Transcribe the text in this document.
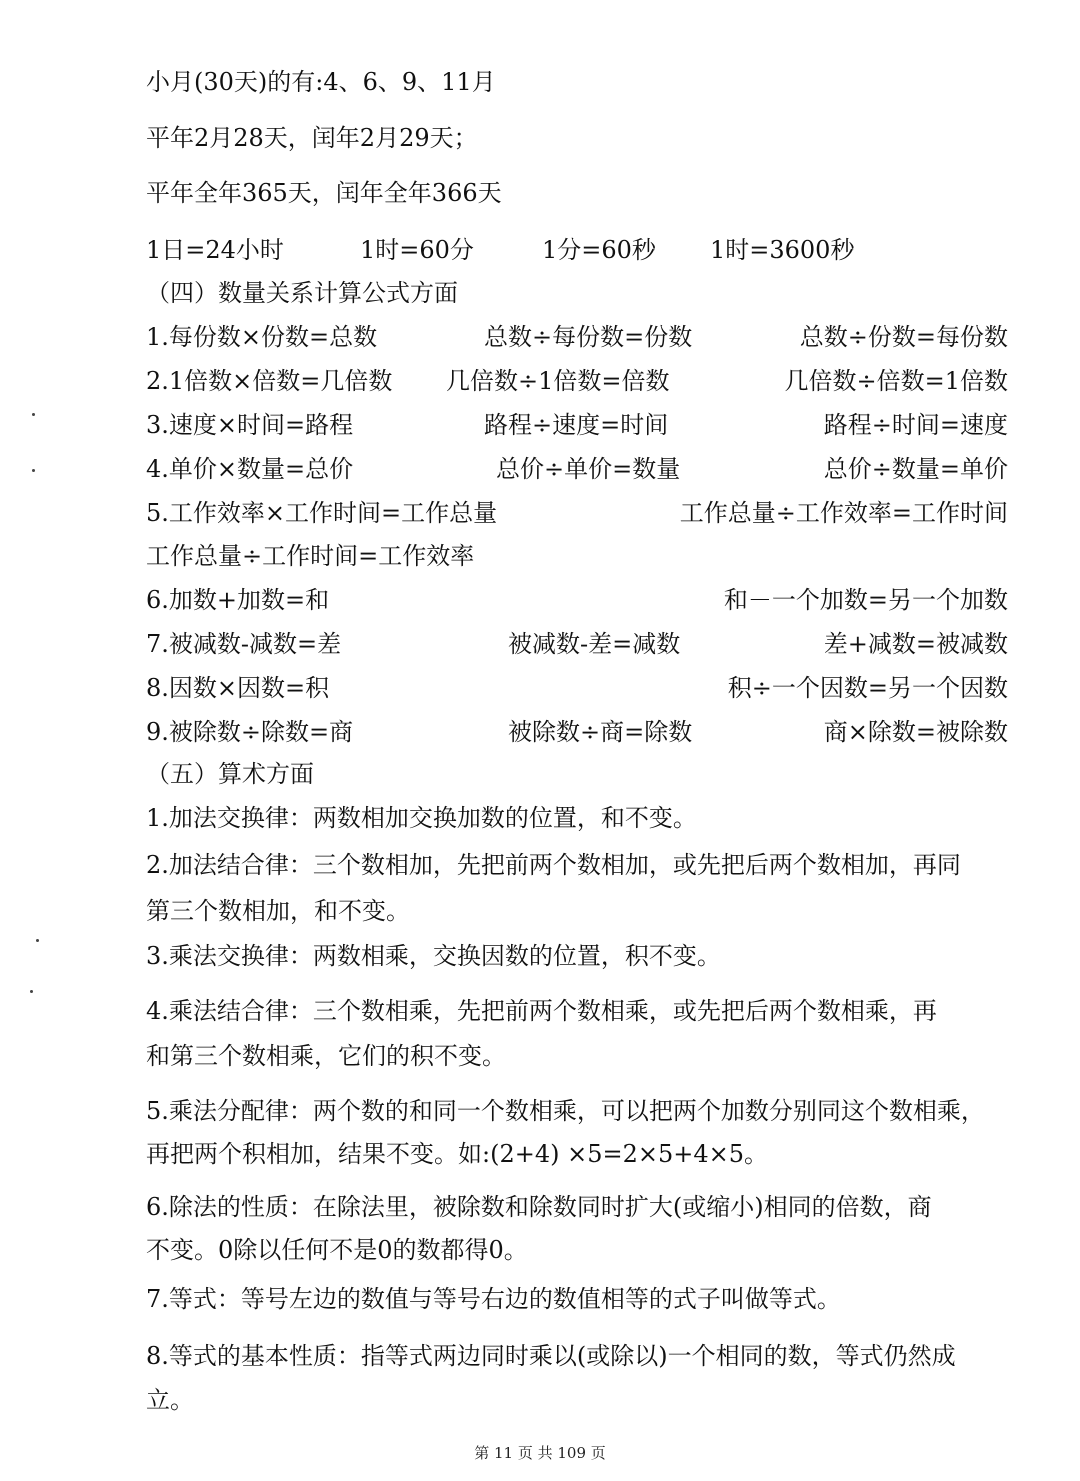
小月(30天)的有:4、6、9、11月
平年2月28天，闰年2月29天；
平年全年365天，闰年全年366天
1日=24小时	1时=60分	1分=60秒 1时=3600秒
（四）数量关系计算公式方面
1.每份数×份数=总数	总数÷每份数=份数	总数÷份数=每份数
2.1倍数×倍数=几倍数 几倍数÷1倍数=倍数	几倍数÷倍数=1倍数
3.速度×时间=路程	路程÷速度=时间	路程÷时间=速度
4.单价×数量=总价	总价÷单价=数量	总价÷数量=单价
5.工作效率×工作时间=工作总量	工作总量÷工作效率=工作时间
工作总量÷工作时间=工作效率
6.加数+加数=和	和－一个加数=另一个加数
7.被减数-减数=差	被减数-差=减数	差+减数=被减数
8.因数×因数=积	积÷一个因数=另一个因数
9.被除数÷除数=商	被除数÷商=除数	商×除数=被除数
（五）算术方面
1.加法交换律：两数相加交换加数的位置，和不变。
2.加法结合律：三个数相加，先把前两个数相加，或先把后两个数相加，再同
第三个数相加，和不变。
3.乘法交换律：两数相乘，交换因数的位置，积不变。
4.乘法结合律：三个数相乘，先把前两个数相乘，或先把后两个数相乘，再
和第三个数相乘，它们的积不变。
5.乘法分配律：两个数的和同一个数相乘，可以把两个加数分别同这个数相乘，
再把两个积相加，结果不变。如:(2+4) ×5=2×5+4×5。
6.除法的性质：在除法里，被除数和除数同时扩大(或缩小)相同的倍数，商
不变。0除以任何不是0的数都得0。
7.等式：等号左边的数值与等号右边的数值相等的式子叫做等式。
8.等式的基本性质：指等式两边同时乘以(或除以)一个相同的数，等式仍然成
立。
第 11 页 共 109 页
